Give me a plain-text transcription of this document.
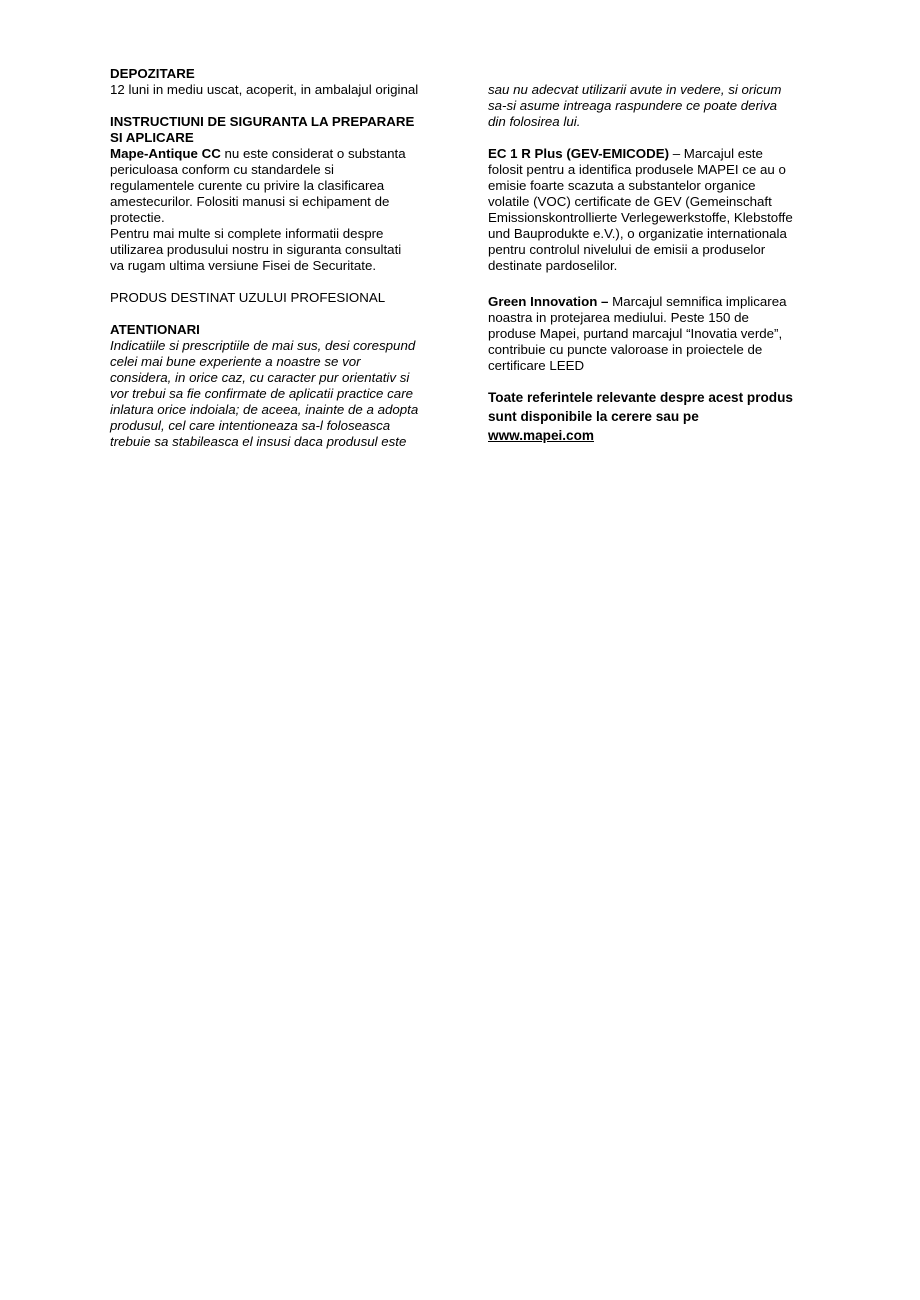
DEPOZITARE

12 luni in mediu uscat, acoperit, in ambalajul original

INSTRUCTIUNI DE SIGURANTA LA PREPARARE
SI APLICARE
Mape-Antique CC nu este considerat o substanta
periculoasa conform cu standardele si
regulamentele curente cu privire la clasificarea
amestecurilor. Folositi manusi si echipament de
protectie.
Pentru mai multe si complete informatii despre
utilizarea produsului nostru in siguranta consultati
va rugam ultima versiune Fisei de Securitate.

PRODUS DESTINAT UZULUI PROFESIONAL

ATENTIONARI

Indicatiile si prescriptiile de mai sus, desi corespund
celei mai bune experiente a noastre se vor
considera, in orice caz, cu caracter pur orientativ si
vor trebui sa fie confirmate de aplicatii practice care
inlatura orice indoiala; de aceea, inainte de a adopta
produsul, cel care intentioneaza sa-l foloseasca
trebuie sa stabileasca el insusi daca produsul este
sau nu adecvat utilizarii avute in vedere, si oricum
sa-si asume intreaga raspundere ce poate deriva
din folosirea lui.
EC 1 R Plus (GEV-EMICODE) – Marcajul este
folosit pentru a identifica produsele MAPEI ce au o
emisie foarte scazuta a substantelor organice
volatile (VOC) certificate de GEV (Gemeinschaft
Emissionskontrollierte Verlegewerkstoffe, Klebstoffe
und Bauprodukte e.V.), o organizatie internationala
pentru controlul nivelului de emisii a produselor
destinate pardoselilor.
Green Innovation – Marcajul semnifica implicarea
noastra in protejarea mediului. Peste 150 de
produse Mapei, purtand marcajul “Inovatia verde”,
contribuie cu puncte valoroase in proiectele de
certificare LEED
Toate referintele relevante despre acest produs
sunt disponibile la cerere sau pe
www.mapei.com
